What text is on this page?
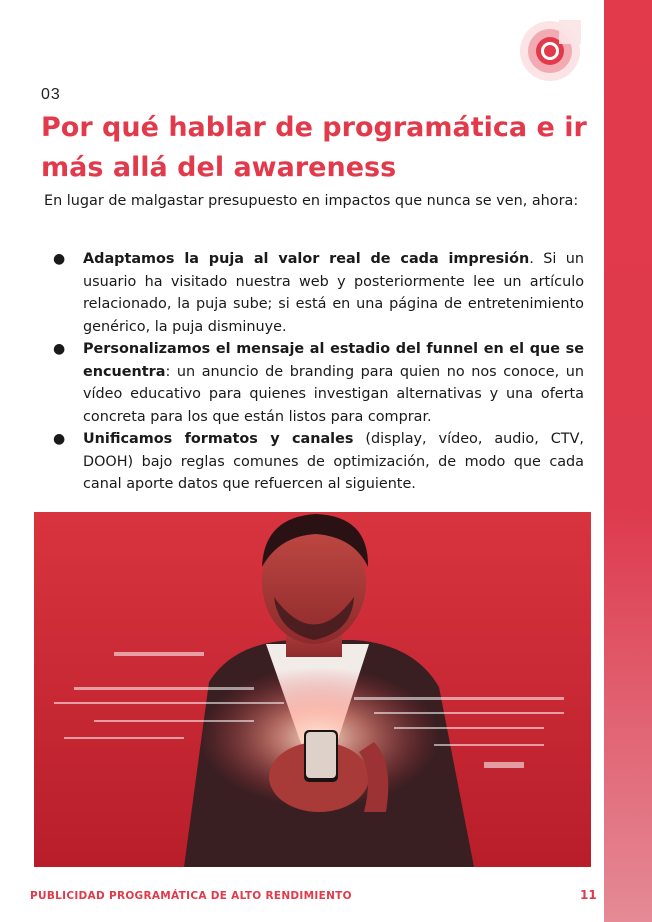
03
Por qué hablar de programática e ir más allá del awareness

En lugar de malgastar presupuesto en impactos que nunca se ven, ahora:

● Adaptamos la puja al valor real de cada impresión. Si un usuario ha visitado nuestra web y posteriormente lee un artículo relacionado, la puja sube; si está en una página de entretenimiento genérico, la puja disminuye.
● Personalizamos el mensaje al estadio del funnel en el que se encuentra: un anuncio de branding para quien no nos conoce, un vídeo educativo para quienes investigan alternativas y una oferta concreta para los que están listos para comprar.
● Unificamos formatos y canales (display, vídeo, audio, CTV, DOOH) bajo reglas comunes de optimización, de modo que cada canal aporte datos que refuercen al siguiente.
PUBLICIDAD PROGRAMÁTICA DE ALTO RENDIMIENTO	11
